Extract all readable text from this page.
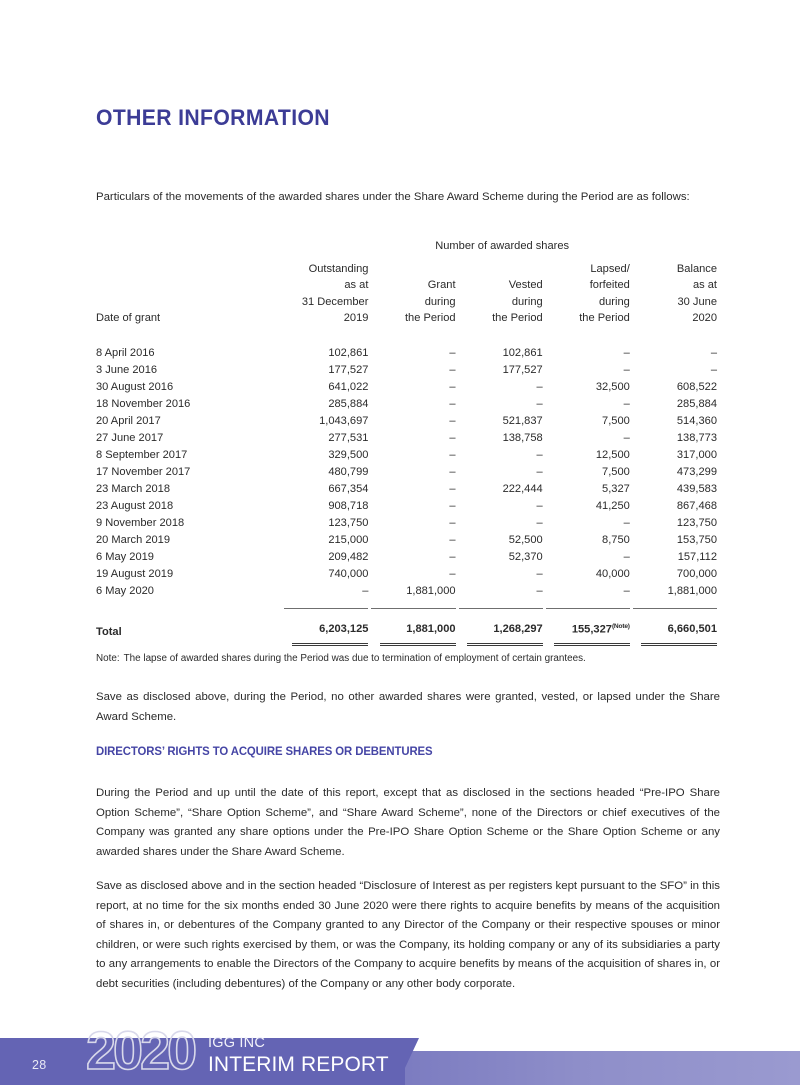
OTHER INFORMATION

Particulars of the movements of the awarded shares under the Share Award Scheme during the Period are as follows:

	Number of awarded shares				
	Outstanding			Lapsed/	Balance
	as at	Grant	Vested	forfeited	as at
	31 December	during	during	during	30 June
Date of grant	2019	the Period	the Period	the Period	2020
8 April 2016	102,861	–	102,861	–	–
3 June 2016	177,527	–	177,527	–	–
30 August 2016	641,022	–	–	32,500	608,522
18 November 2016	285,884	–	–	–	285,884
20 April 2017	1,043,697	–	521,837	7,500	514,360
27 June 2017	277,531	–	138,758	–	138,773
8 September 2017	329,500	–	–	12,500	317,000
17 November 2017	480,799	–	–	7,500	473,299
23 March 2018	667,354	–	222,444	5,327	439,583
23 August 2018	908,718	–	–	41,250	867,468
9 November 2018	123,750	–	–	–	123,750
20 March 2019	215,000	–	52,500	8,750	153,750
6 May 2019	209,482	–	52,370	–	157,112
19 August 2019	740,000	–	–	40,000	700,000
6 May 2020	–	1,881,000	–	–	1,881,000

Total	6,203,125	1,881,000	1,268,297	155,327$^{(Note)}$	6,660,501

Note: The lapse of awarded shares during the Period was due to termination of employment of certain grantees.

Save as disclosed above, during the Period, no other awarded shares were granted, vested, or lapsed under the Share Award Scheme.

DIRECTORS’ RIGHTS TO ACQUIRE SHARES OR DEBENTURES

During the Period and up until the date of this report, except that as disclosed in the sections headed “Pre-IPO Share Option Scheme”, “Share Option Scheme”, and “Share Award Scheme”, none of the Directors or chief executives of the Company was granted any share options under the Pre-IPO Share Option Scheme or the Share Option Scheme or any awarded shares under the Share Award Scheme.

Save as disclosed above and in the section headed “Disclosure of Interest as per registers kept pursuant to the SFO” in this report, at no time for the six months ended 30 June 2020 were there rights to acquire benefits by means of the acquisition of shares in, or debentures of the Company granted to any Director of the Company or their respective spouses or minor children, or were such rights exercised by them, or was the Company, its holding company or any of its subsidiaries a party to any arrangements to enable the Directors of the Company to acquire benefits by means of the acquisition of shares in, or debt securities (including debentures) of the Company or any other body corporate.

28 2020 IGG INC
INTERIM REPORT
